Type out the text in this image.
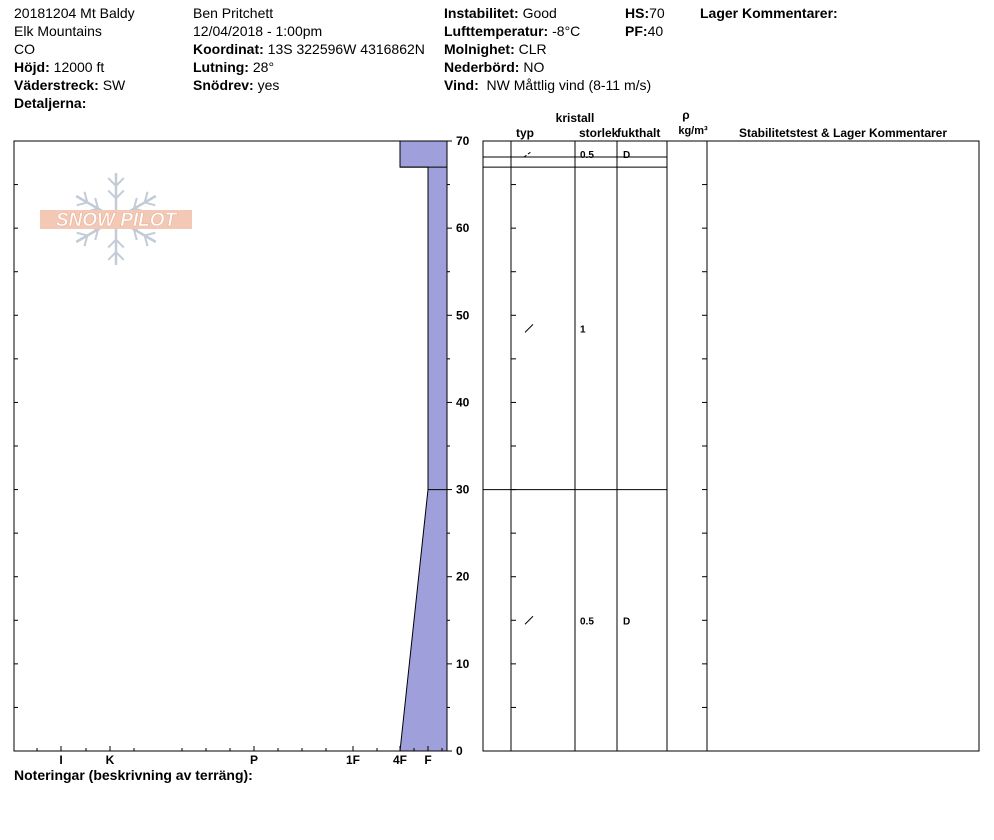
20181204 Mt Baldy
Elk Mountains
CO
Höjd: 12000 ft
Väderstreck: SW
Detaljerna:
Ben Pritchett
12/04/2018 - 1:00pm
Koordinat: 13S 322596W 4316862N
Lutning: 28°
Snödrev: yes
Instabilitet: Good
Lufttemperatur: -8°C
Molnighet: CLR
Nederbörd: NO
Vind: NW Måttlig vind (8-11 m/s)
HS:70
PF:40
Lager Kommentarer:
SNOW PILOT
0
10
20
30
40
50
60
70
I	K	P	1F	4F F
0.5	D
1
0.5	D
kristall
typ	storlek
fukthalt
ρ
kg/m³	Stabilitetstest & Lager Kommentarer
Noteringar (beskrivning av terräng):
